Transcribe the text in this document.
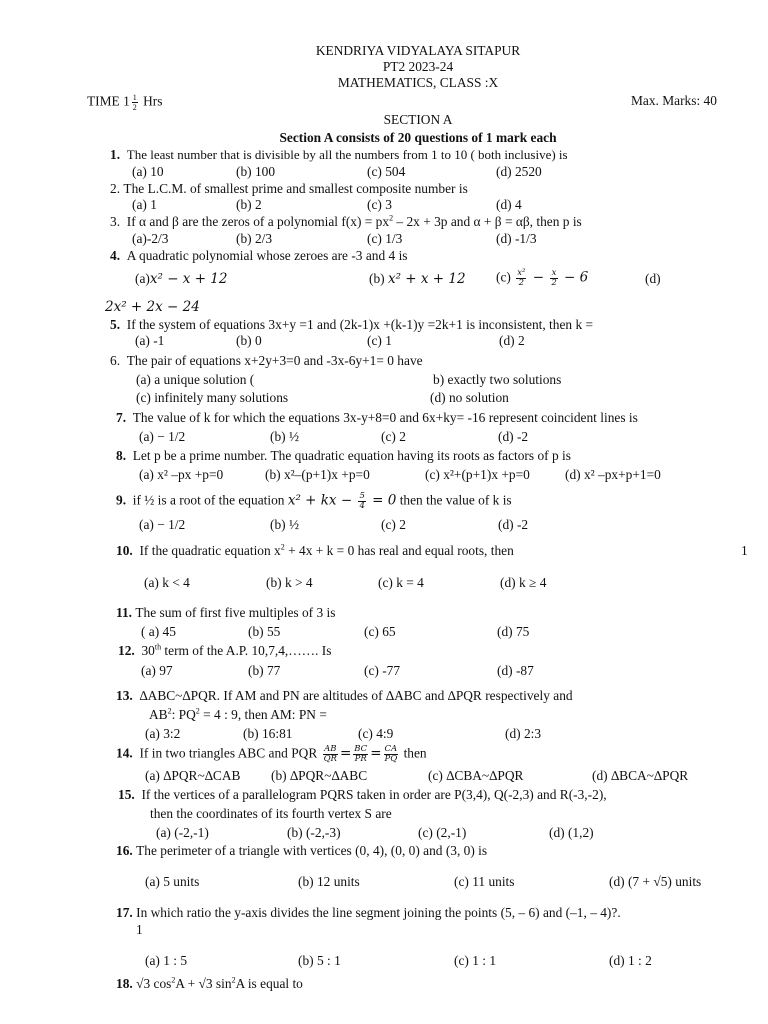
KENDRIYA VIDYALAYA SITAPUR
PT2 2023-24
MATHEMATICS, CLASS :X
TIME $1 \frac{1}{2}$ Hrs	Max. Marks: 40
SECTION A
Section A consists of 20 questions of 1 mark each
1. The least number that is divisible by all the numbers from 1 to 10 ( both inclusive) is
(a) 10	(b) 100	(c) 504	(d) 2520
2. The L.C.M. of smallest prime and smallest composite number is
(a) 1	(b) 2	(c) 3	(d) 4
3. If α and β are the zeros of a polynomial $f(x) = px^2 - 2x + 3p$ and α + β = αβ, then p is
(a)-2/3	(b) 2/3	(c) 1/3	(d) -1/3
4. A quadratic polynomial whose zeroes are -3 and 4 is
(a)x² − x + 12	(b) x² + x + 12 $(c) \frac{\text{x²}}{2} - \frac{x}{2} - 6$	(d)
2x² + 2x − 24
5. If the system of equations 3x+y =1 and (2k-1)x +(k-1)y =2k+1 is inconsistent, then k =
(a) -1	(b) 0	(c) 1	(d) 2
6. The pair of equations x+2y+3=0 and -3x-6y+1= 0 have
(a) a unique solution (	b) exactly two solutions
(c) infinitely many solutions	(d) no solution
7. The value of k for which the equations 3x-y+8=0 and 6x+ky= -16 represent coincident lines is
(a) − 1/2	(b) ½	(c) 2	(d) -2
8. Let p be a prime number. The quadratic equation having its roots as factors of p is
(a) x² –px +p=0	(b) x²–(p+1)x +p=0	(c) x²+(p+1)x +p=0	(d) x² –px+p+1=0
9. if ½ is a root of the equation x² + kx − $\frac{5}{4} = 0$ then the value of k is
(a) − 1/2	(b) ½	(c) 2	(d) -2
10. If the quadratic equation $x^2 + 4x + k = 0$ has real and equal roots, then	1
(a) k < 4	(b) k > 4	(c) k = 4	(d) k ≥ 4
11. The sum of first five multiples of 3 is
( a) 45	(b) 55	(c) 65	(d) 75
12. 30th term of the A.P. 10,7,4,……. Is
(a) 97	(b) 77	(c) -77	(d) -87
13. ∆ABC~∆PQR. If AM and PN are altitudes of ∆ABC and ∆PQR respectively and
$AB^2$: $PQ^2 = 4$ : 9, then AM: PN =
(a) 3:2	(b) 16:81	(c) 4:9	(d) 2:3
14. If in two triangles ABC and PQR $\frac{AB}{QR} = \frac{BC}{PR} = \frac{CA}{PQ}$ then
(a) ∆PQR~∆CAB (b) ∆PQR~∆ABC	(c) ∆CBA~∆PQR	(d) ∆BCA~∆PQR
15. If the vertices of a parallelogram PQRS taken in order are P(3,4), Q(-2,3) and R(-3,-2),
then the coordinates of its fourth vertex S are
(a) (-2,-1)	(b) (-2,-3)	(c) (2,-1)	(d) (1,2)
16. The perimeter of a triangle with vertices (0, 4), (0, 0) and (3, 0) is
(a) 5 units	(b) 12 units	(c) 11 units	(d) (7 + √5) units
17. In which ratio the y-axis divides the line segment joining the points (5, – 6) and (–1, – 4)?.
1
(a) 1 : 5	(b) 5 : 1	(c) 1 : 1	(d) 1 : 2
18. √3 $\cos^2A + √3$ $\sin^2A$ is equal to
